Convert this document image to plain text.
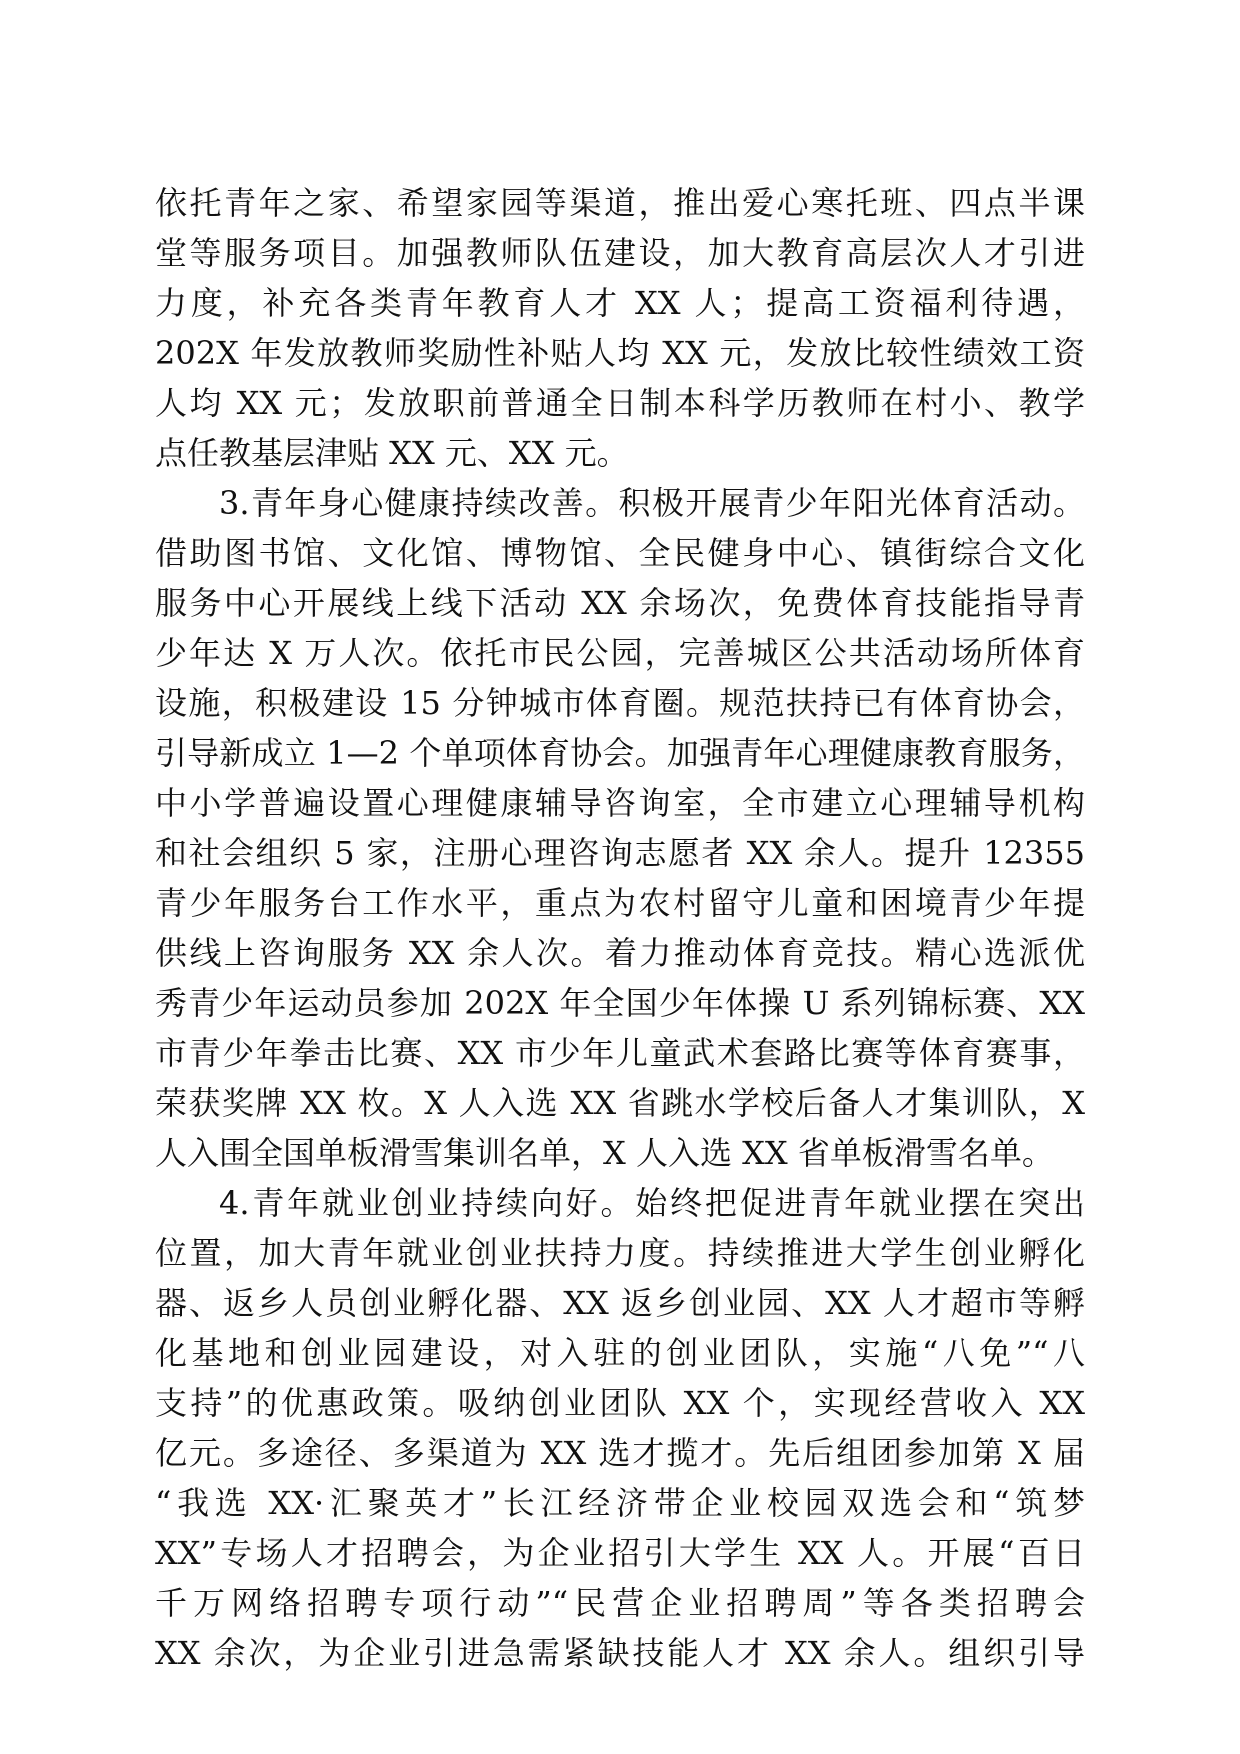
依托青年之家、希望家园等渠道，推出爱心寒托班、四点半课
堂等服务项目。加强教师队伍建设，加大教育高层次人才引进
力度，补充各类青年教育人才 XX 人；提高工资福利待遇，
202X 年发放教师奖励性补贴人均 XX 元，发放比较性绩效工资
人均 XX 元；发放职前普通全日制本科学历教师在村小、教学
点任教基层津贴 XX 元、XX 元。
3.青年身心健康持续改善。积极开展青少年阳光体育活动。
借助图书馆、文化馆、博物馆、全民健身中心、镇街综合文化
服务中心开展线上线下活动 XX 余场次，免费体育技能指导青
少年达 X 万人次。依托市民公园，完善城区公共活动场所体育
设施，积极建设 15 分钟城市体育圈。规范扶持已有体育协会，
引导新成立 1—2 个单项体育协会。加强青年心理健康教育服务，
中小学普遍设置心理健康辅导咨询室，全市建立心理辅导机构
和社会组织 5 家，注册心理咨询志愿者 XX 余人。提升 12355
青少年服务台工作水平，重点为农村留守儿童和困境青少年提
供线上咨询服务 XX 余人次。着力推动体育竞技。精心选派优
秀青少年运动员参加 202X 年全国少年体操 U 系列锦标赛、XX
市青少年拳击比赛、XX 市少年儿童武术套路比赛等体育赛事，
荣获奖牌 XX 枚。X 人入选 XX 省跳水学校后备人才集训队，X
人入围全国单板滑雪集训名单，X 人入选 XX 省单板滑雪名单。
4.青年就业创业持续向好。始终把促进青年就业摆在突出
位置，加大青年就业创业扶持力度。持续推进大学生创业孵化
器、返乡人员创业孵化器、XX 返乡创业园、XX 人才超市等孵
化基地和创业园建设，对入驻的创业团队，实施“八免”“八
支持”的优惠政策。吸纳创业团队 XX 个，实现经营收入 XX
亿元。多途径、多渠道为 XX 选才揽才。先后组团参加第 X 届
“我选 XX·汇聚英才”长江经济带企业校园双选会和“筑梦
XX”专场人才招聘会，为企业招引大学生 XX 人。开展“百日
千万网络招聘专项行动”“民营企业招聘周”等各类招聘会
XX 余次，为企业引进急需紧缺技能人才 XX 余人。组织引导
